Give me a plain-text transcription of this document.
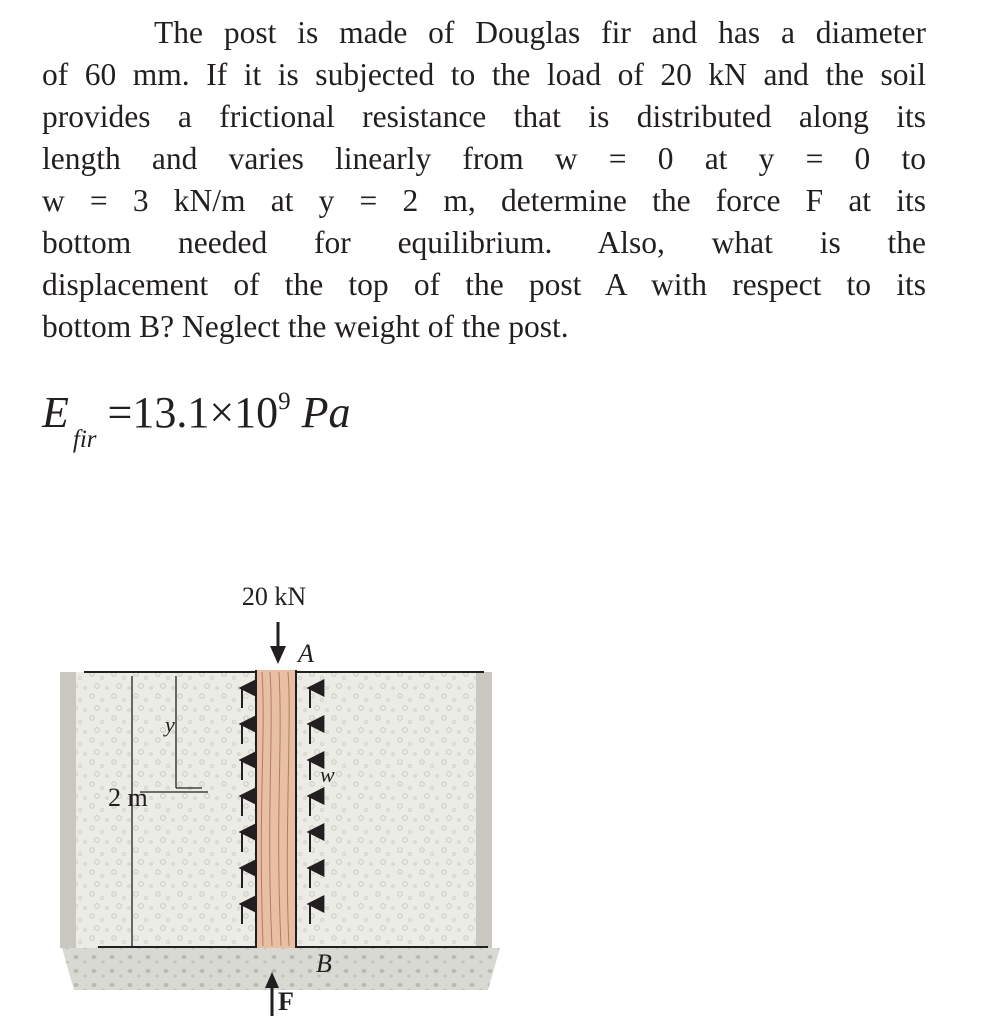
The post is made of Douglas fir and has a diameter
of 60 mm. If it is subjected to the load of 20 kN and the soil
provides a frictional resistance that is distributed along its
length and varies linearly from w = 0 at y = 0 to
w = 3 kN/m at y = 2 m, determine the force F at its
bottom needed for equilibrium. Also, what is the
displacement of the top of the post A with respect to its
bottom B? Neglect the weight of the post.
$E_{fir} =13.1\times 10^9$ Pa
20 kN
A
y
2 m
w
B
F
